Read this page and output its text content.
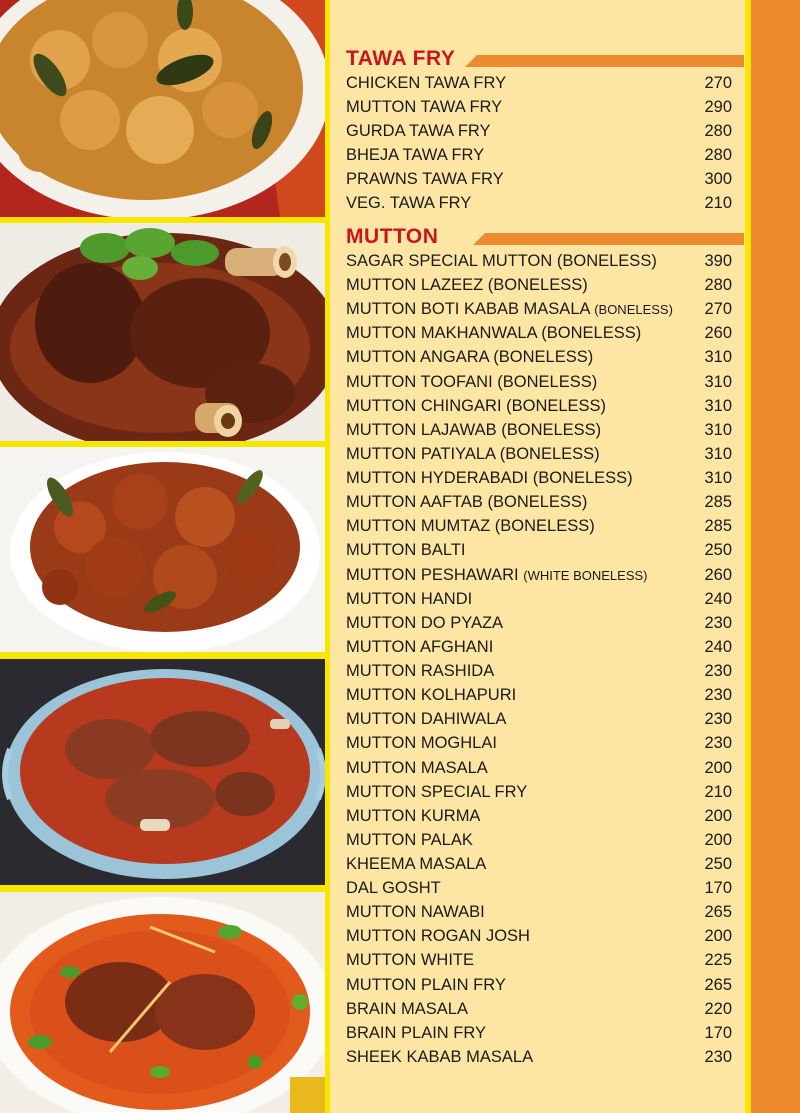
TAWA FRY
CHICKEN TAWA FRY	270
MUTTON TAWA FRY	290
GURDA TAWA FRY	280
BHEJA TAWA FRY	280
PRAWNS TAWA FRY	300
VEG. TAWA FRY	210
MUTTON
SAGAR SPECIAL MUTTON (BONELESS)	390
MUTTON LAZEEZ (BONELESS)	280
MUTTON BOTI KABAB MASALA (BONELESS) 270
MUTTON MAKHANWALA (BONELESS)	260
MUTTON ANGARA (BONELESS)	310
MUTTON TOOFANI (BONELESS)	310
MUTTON CHINGARI (BONELESS)	310
MUTTON LAJAWAB (BONELESS)	310
MUTTON PATIYALA (BONELESS)	310
MUTTON HYDERABADI (BONELESS)	310
MUTTON AAFTAB (BONELESS)	285
MUTTON MUMTAZ (BONELESS)	285
MUTTON BALTI	250
MUTTON PESHAWARI (WHITE BONELESS)	260
MUTTON HANDI	240
MUTTON DO PYAZA	230
MUTTON AFGHANI	240
MUTTON RASHIDA	230
MUTTON KOLHAPURI	230
MUTTON DAHIWALA	230
MUTTON MOGHLAI	230
MUTTON MASALA	200
MUTTON SPECIAL FRY	210
MUTTON KURMA	200
MUTTON PALAK	200
KHEEMA MASALA	250
DAL GOSHT	170
MUTTON NAWABI	265
MUTTON ROGAN JOSH	200
MUTTON WHITE	225
MUTTON PLAIN FRY	265
BRAIN MASALA	220
BRAIN PLAIN FRY	170
SHEEK KABAB MASALA	230
